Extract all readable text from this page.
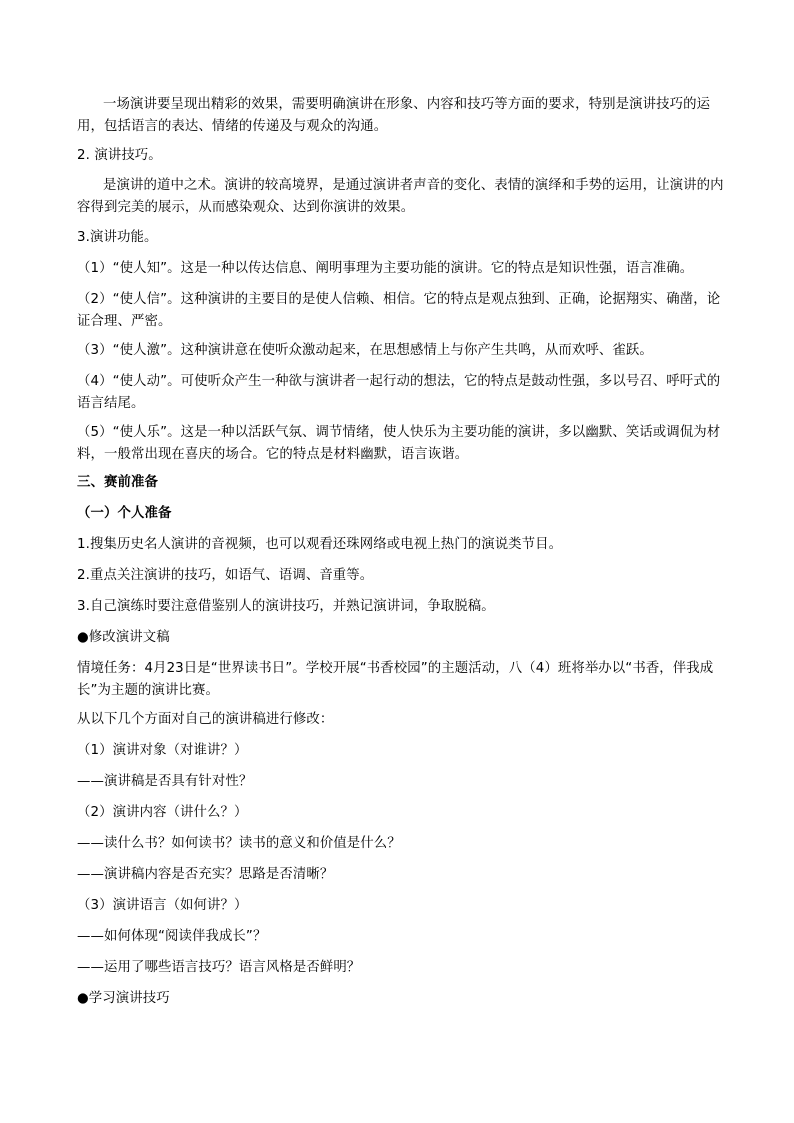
一场演讲要呈现出精彩的效果，需要明确演讲在形象、内容和技巧等方面的要求，特别是演讲技巧的运用，包括语言的表达、情绪的传递及与观众的沟通。

2. 演讲技巧。

是演讲的道中之术。演讲的较高境界，是通过演讲者声音的变化、表情的演绎和手势的运用，让演讲的内容得到完美的展示，从而感染观众、达到你演讲的效果。

3.演讲功能。

（1）“使人知”。这是一种以传达信息、阐明事理为主要功能的演讲。它的特点是知识性强，语言准确。

（2）“使人信”。这种演讲的主要目的是使人信赖、相信。它的特点是观点独到、正确，论据翔实、确凿，论证合理、严密。

（3）“使人激”。这种演讲意在使听众激动起来，在思想感情上与你产生共鸣，从而欢呼、雀跃。

（4）“使人动”。可使听众产生一种欲与演讲者一起行动的想法，它的特点是鼓动性强，多以号召、呼吁式的语言结尾。

（5）“使人乐”。这是一种以活跃气氛、调节情绪，使人快乐为主要功能的演讲，多以幽默、笑话或调侃为材料，一般常出现在喜庆的场合。它的特点是材料幽默，语言诙谐。

三、赛前准备

（一）个人准备

1.搜集历史名人演讲的音视频，也可以观看还珠网络或电视上热门的演说类节目。

2.重点关注演讲的技巧，如语气、语调、音重等。

3.自己演练时要注意借鉴别人的演讲技巧，并熟记演讲词，争取脱稿。

●修改演讲文稿

情境任务：4月23日是“世界读书日”。学校开展“书香校园”的主题活动，八（4）班将举办以“书香，伴我成长”为主题的演讲比赛。

从以下几个方面对自己的演讲稿进行修改：

（1）演讲对象（对谁讲？）

——演讲稿是否具有针对性？

（2）演讲内容（讲什么？）

——读什么书？如何读书？读书的意义和价值是什么？

——演讲稿内容是否充实？思路是否清晰？

（3）演讲语言（如何讲？）

——如何体现“阅读伴我成长”？

——运用了哪些语言技巧？语言风格是否鲜明？

●学习演讲技巧
